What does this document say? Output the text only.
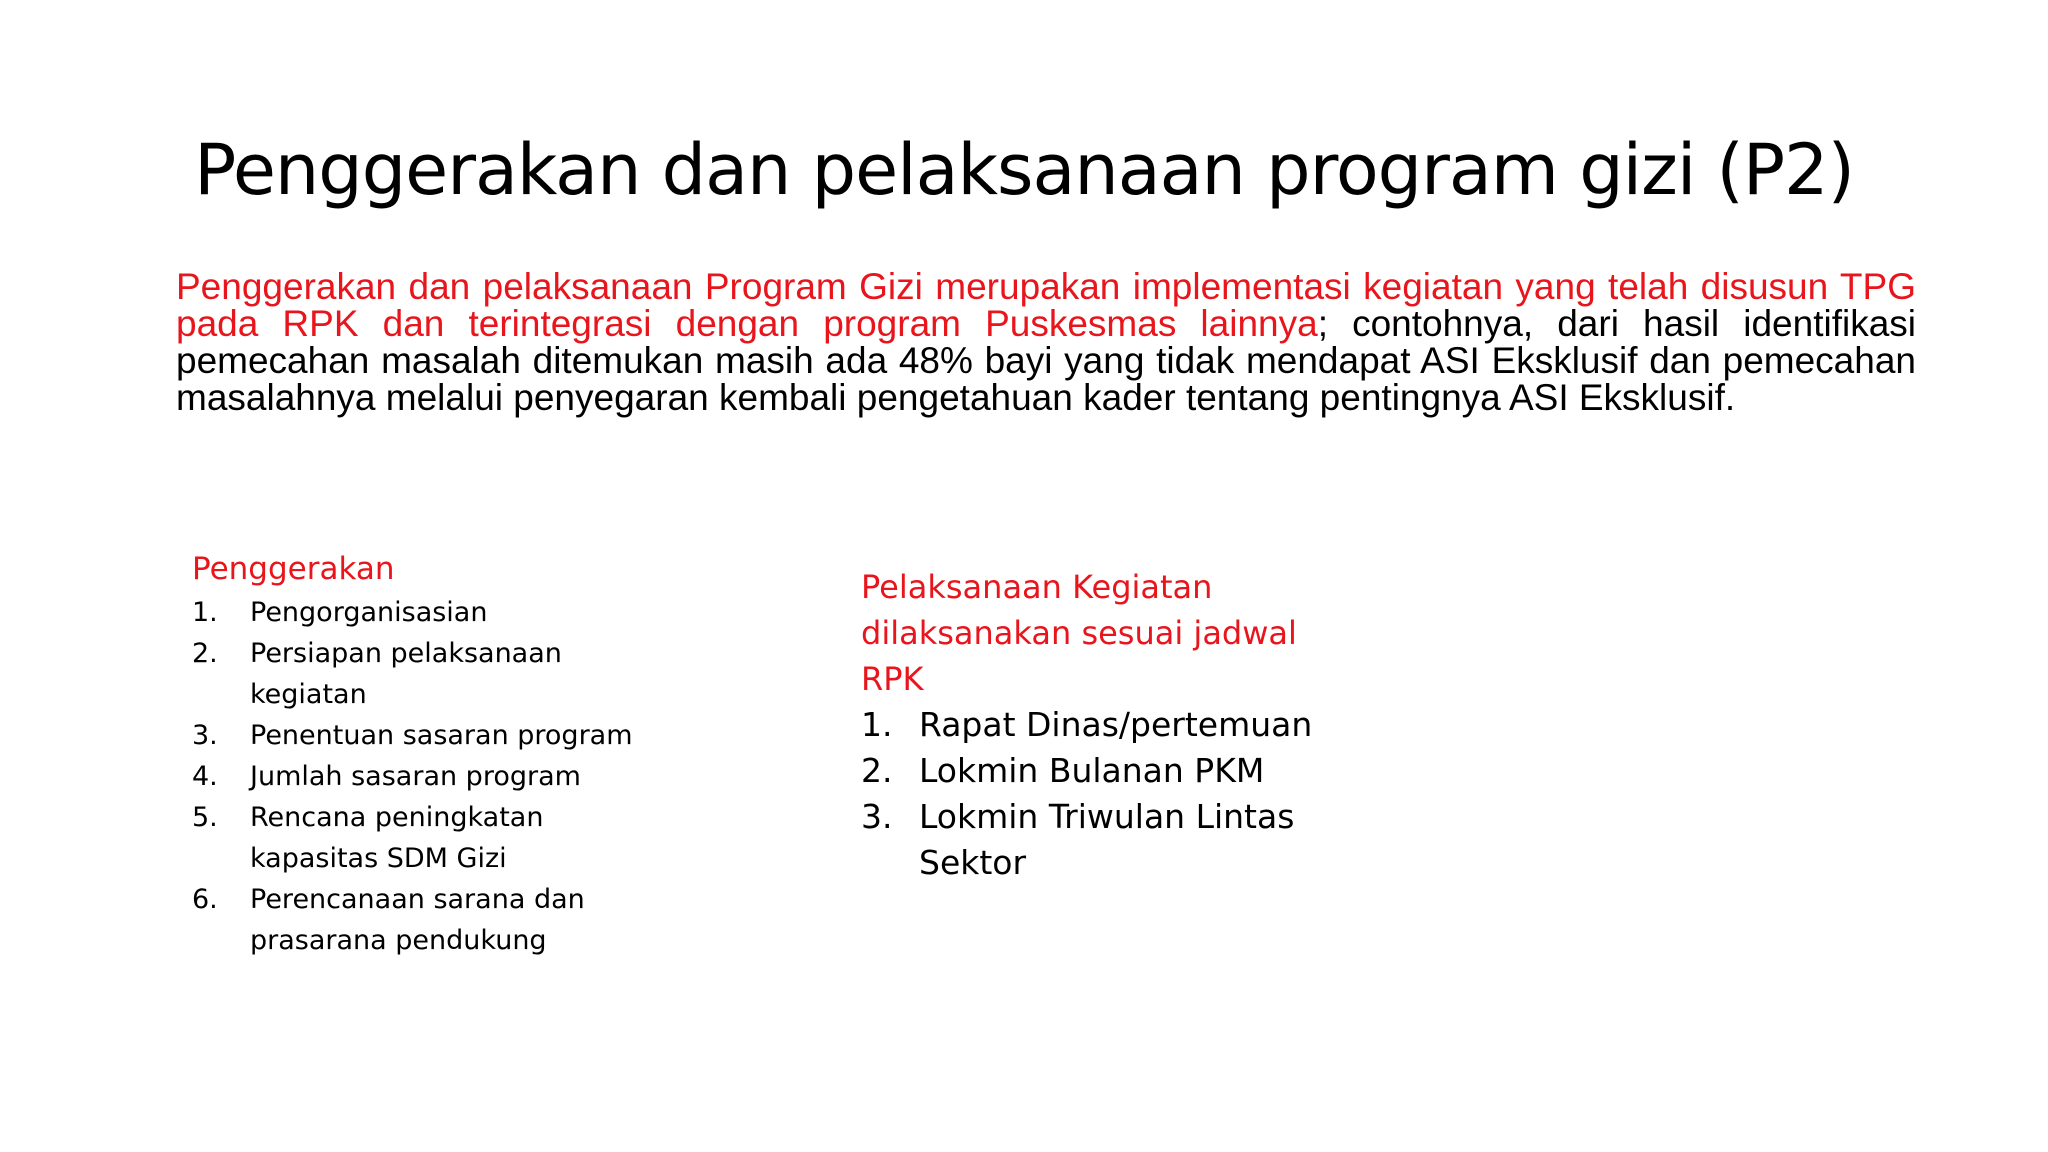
Penggerakan dan pelaksanaan program gizi (P2)

Penggerakan dan pelaksanaan Program Gizi merupakan implementasi kegiatan yang telah disusun TPG pada RPK dan terintegrasi dengan program Puskesmas lainnya; contohnya, dari hasil identifikasi pemecahan masalah ditemukan masih ada 48% bayi yang tidak mendapat ASI Eksklusif dan pemecahan masalahnya melalui penyegaran kembali pengetahuan kader tentang pentingnya ASI Eksklusif.

Penggerakan

1. Pengorganisasian
2. Persiapan pelaksanaan kegiatan
3. Penentuan sasaran program
4. Jumlah sasaran program
5. Rencana peningkatan kapasitas SDM Gizi
6. Perencanaan sarana dan prasarana pendukung

Pelaksanaan Kegiatan dilaksanakan sesuai jadwal RPK

1. Rapat Dinas/pertemuan
2. Lokmin Bulanan PKM
3. Lokmin Triwulan Lintas Sektor
